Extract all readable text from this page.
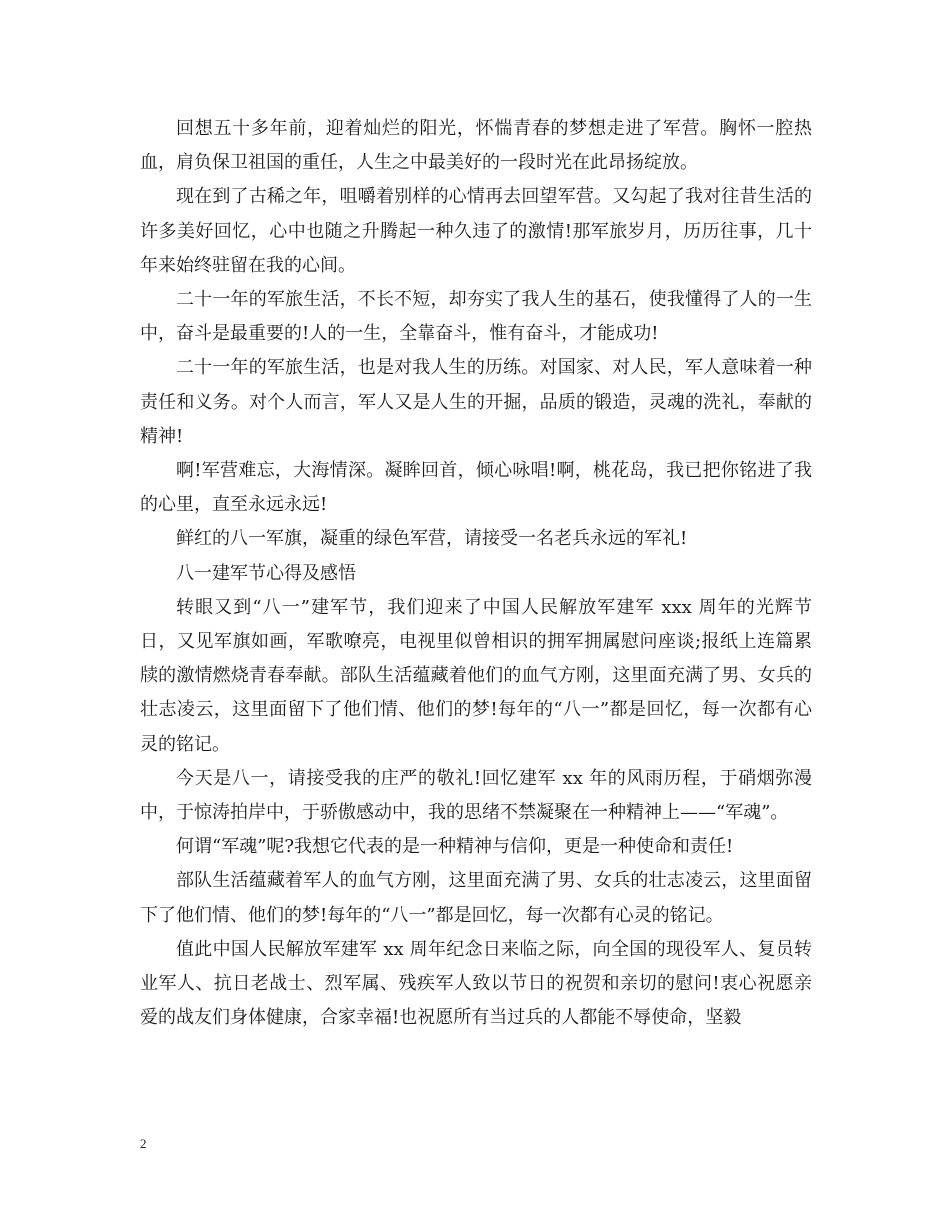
回想五十多年前，迎着灿烂的阳光，怀惴青春的梦想走进了军营。胸怀一腔热血，肩负保卫祖国的重任，人生之中最美好的一段时光在此昂扬绽放。

现在到了古稀之年，咀嚼着别样的心情再去回望军营。又勾起了我对往昔生活的许多美好回忆，心中也随之升腾起一种久违了的激情!那军旅岁月，历历往事，几十年来始终驻留在我的心间。

二十一年的军旅生活，不长不短，却夯实了我人生的基石，使我懂得了人的一生中，奋斗是最重要的!人的一生，全靠奋斗，惟有奋斗，才能成功!

二十一年的军旅生活，也是对我人生的历练。对国家、对人民，军人意味着一种责任和义务。对个人而言，军人又是人生的开掘，品质的锻造，灵魂的洗礼，奉献的精神!

啊!军营难忘，大海情深。凝眸回首，倾心咏唱!啊，桃花岛，我已把你铭进了我的心里，直至永远永远!

鲜红的八一军旗，凝重的绿色军营，请接受一名老兵永远的军礼!

八一建军节心得及感悟

转眼又到“八一”建军节，我们迎来了中国人民解放军建军 xxx 周年的光辉节日，又见军旗如画，军歌嘹亮，电视里似曾相识的拥军拥属慰问座谈;报纸上连篇累牍的激情燃烧青春奉献。部队生活蕴藏着他们的血气方刚，这里面充满了男、女兵的壮志凌云，这里面留下了他们情、他们的梦!每年的“八一”都是回忆，每一次都有心灵的铭记。

今天是八一，请接受我的庄严的敬礼!回忆建军 xx 年的风雨历程，于硝烟弥漫中，于惊涛拍岸中，于骄傲感动中，我的思绪不禁凝聚在一种精神上——“军魂”。

何谓“军魂”呢?我想它代表的是一种精神与信仰，更是一种使命和责任!

部队生活蕴藏着军人的血气方刚，这里面充满了男、女兵的壮志凌云，这里面留下了他们情、他们的梦!每年的“八一”都是回忆，每一次都有心灵的铭记。

值此中国人民解放军建军 xx 周年纪念日来临之际，向全国的现役军人、复员转业军人、抗日老战士、烈军属、残疾军人致以节日的祝贺和亲切的慰问!衷心祝愿亲爱的战友们身体健康，合家幸福!也祝愿所有当过兵的人都能不辱使命，坚毅

2
